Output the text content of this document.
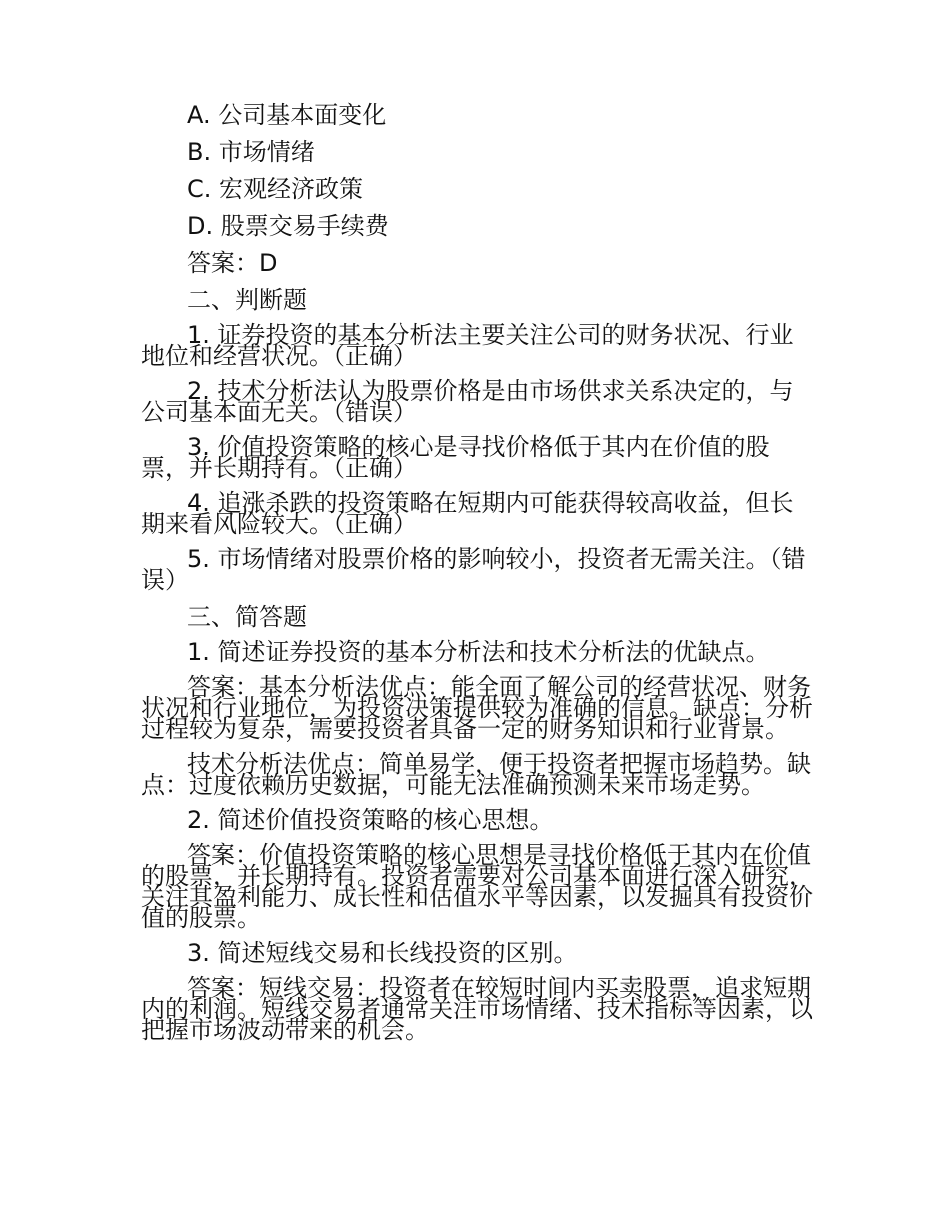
A. 公司基本面变化
B. 市场情绪
C. 宏观经济政策
D. 股票交易手续费
答案：D
二、判断题
1. 证券投资的基本分析法主要关注公司的财务状况、行业地位和经营状况。（正确）
2. 技术分析法认为股票价格是由市场供求关系决定的，与公司基本面无关。（错误）
3. 价值投资策略的核心是寻找价格低于其内在价值的股票，并长期持有。（正确）
4. 追涨杀跌的投资策略在短期内可能获得较高收益，但长期来看风险较大。（正确）
5. 市场情绪对股票价格的影响较小，投资者无需关注。（错误）
三、简答题
1. 简述证券投资的基本分析法和技术分析法的优缺点。
答案：基本分析法优点：能全面了解公司的经营状况、财务状况和行业地位，为投资决策提供较为准确的信息。缺点：分析过程较为复杂，需要投资者具备一定的财务知识和行业背景。
技术分析法优点：简单易学，便于投资者把握市场趋势。缺点：过度依赖历史数据，可能无法准确预测未来市场走势。
2. 简述价值投资策略的核心思想。
答案：价值投资策略的核心思想是寻找价格低于其内在价值的股票，并长期持有。投资者需要对公司基本面进行深入研究，关注其盈利能力、成长性和估值水平等因素，以发掘具有投资价值的股票。
3. 简述短线交易和长线投资的区别。
答案：短线交易：投资者在较短时间内买卖股票，追求短期内的利润。短线交易者通常关注市场情绪、技术指标等因素，以把握市场波动带来的机会。
